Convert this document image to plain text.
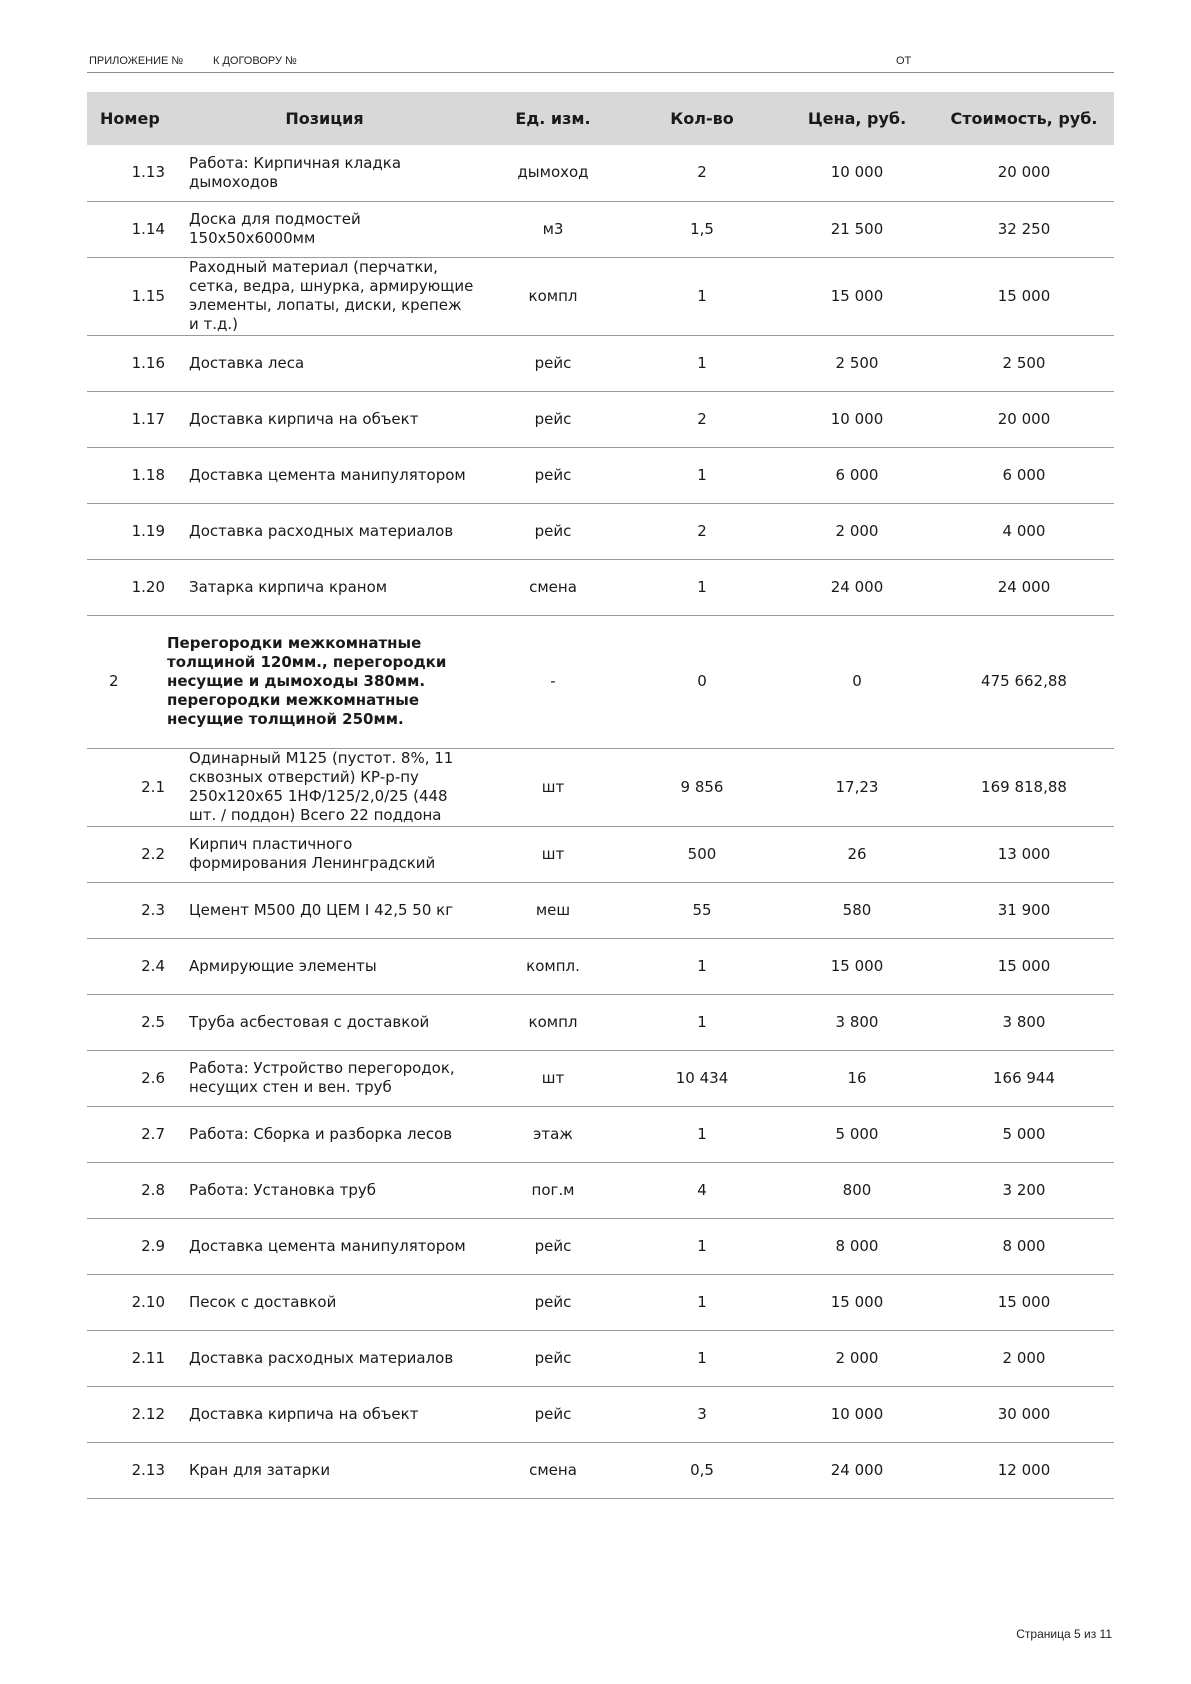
ПРИЛОЖЕНИЕ №	К ДОГОВОРУ №	ОТ
Номер	Позиция	Ед. изм.	Кол-во	Цена, руб.	Стоимость, руб.
1.13	Работа: Кирпичная кладка дымоходов	дымоход	2	10 000	20 000
1.14	Доска для подмостей 150x50x6000мм	м3	1,5	21 500	32 250
1.15	Раходный материал (перчатки, сетка, ведра, шнурка, армирующие элементы, лопаты, диски, крепеж и т.д.)	компл	1	15 000	15 000
1.16	Доставка леса	рейс	1	2 500	2 500
1.17	Доставка кирпича на объект	рейс	2	10 000	20 000
1.18	Доставка цемента манипулятором	рейс	1	6 000	6 000
1.19	Доставка расходных материалов	рейс	2	2 000	4 000
1.20	Затарка кирпича краном	смена	1	24 000	24 000
2	Перегородки межкомнатные толщиной 120мм., перегородки несущие и дымоходы 380мм. перегородки межкомнатные несущие толщиной 250мм.	-	0	0	475 662,88
2.1	Одинарный М125 (пустот. 8%, 11 сквозных отверстий) КР-р-пу 250х120х65 1НФ/125/2,0/25 (448 шт. / поддон) Всего 22 поддона	шт	9 856	17,23	169 818,88
2.2	Кирпич пластичного формирования Ленинградский	шт	500	26	13 000
2.3	Цемент М500 Д0 ЦЕМ I 42,5 50 кг	меш	55	580	31 900
2.4	Армирующие элементы	компл.	1	15 000	15 000
2.5	Труба асбестовая с доставкой	компл	1	3 800	3 800
2.6	Работа: Устройство перегородок, несущих стен и вен. труб	шт	10 434	16	166 944
2.7	Работа: Сборка и разборка лесов	этаж	1	5 000	5 000
2.8	Работа: Установка труб	пог.м	4	800	3 200
2.9	Доставка цемента манипулятором	рейс	1	8 000	8 000
2.10	Песок с доставкой	рейс	1	15 000	15 000
2.11	Доставка расходных материалов	рейс	1	2 000	2 000
2.12	Доставка кирпича на объект	рейс	3	10 000	30 000
2.13	Кран для затарки	смена	0,5	24 000	12 000
Страница 5 из 11
